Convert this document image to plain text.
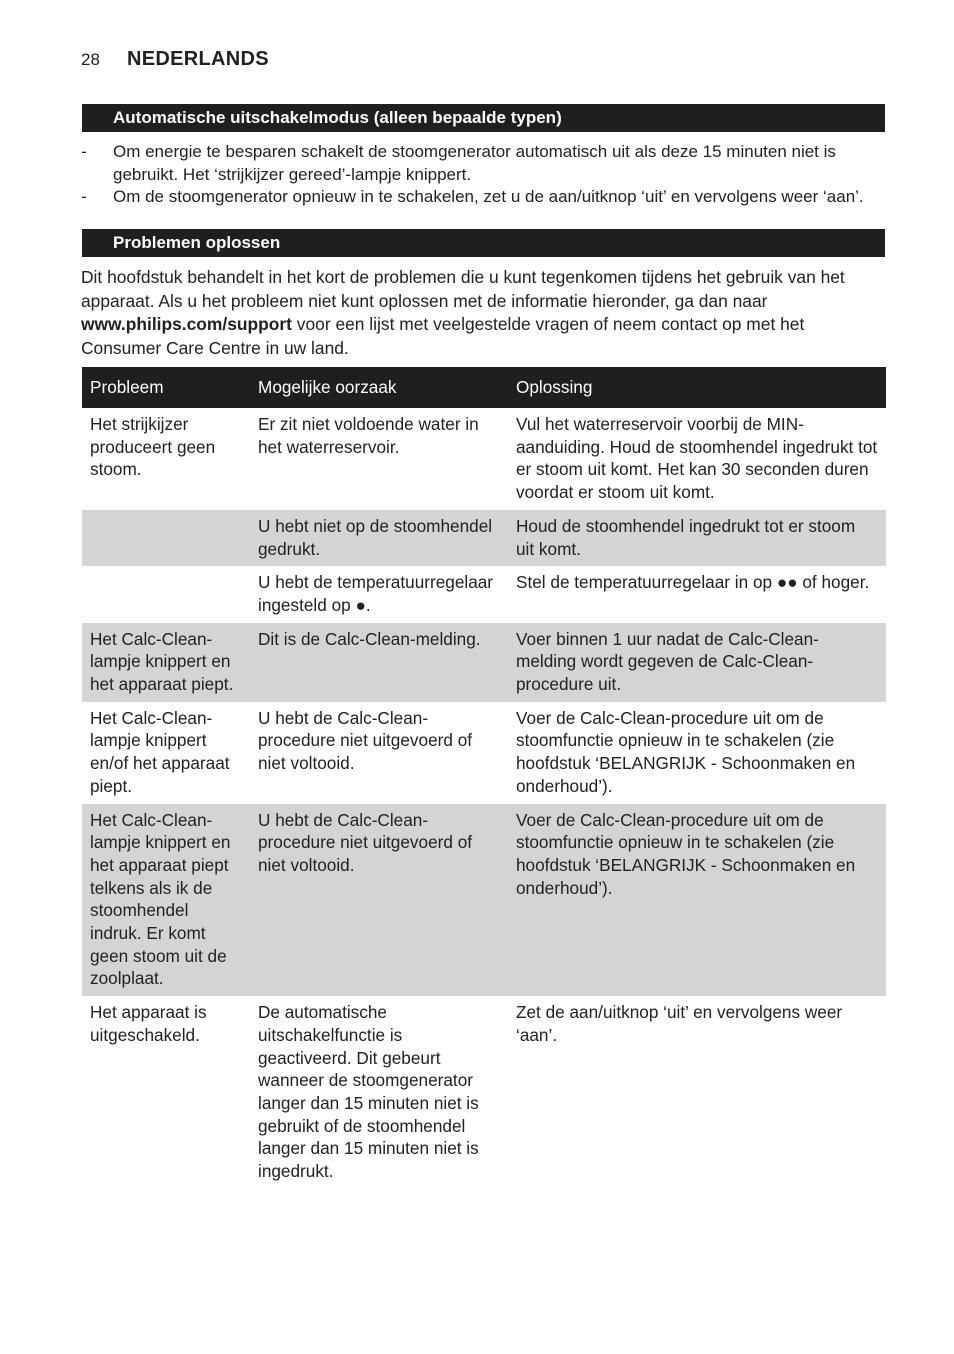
28	NEDERLANDS
Automatische uitschakelmodus (alleen bepaalde typen)
-	Om energie te besparen schakelt de stoomgenerator automatisch uit als deze 15 minuten niet is gebruikt. Het ‘strijkijzer gereed’-lampje knippert.
-	Om de stoomgenerator opnieuw in te schakelen, zet u de aan/uitknop ‘uit’ en vervolgens weer ‘aan’.
Problemen oplossen
Dit hoofdstuk behandelt in het kort de problemen die u kunt tegenkomen tijdens het gebruik van het apparaat. Als u het probleem niet kunt oplossen met de informatie hieronder, ga dan naar www.philips.com/support voor een lijst met veelgestelde vragen of neem contact op met het Consumer Care Centre in uw land.
Probleem	Mogelijke oorzaak	Oplossing
Het strijkijzer produceert geen stoom.	Er zit niet voldoende water in het waterreservoir.	Vul het waterreservoir voorbij de MIN-aanduiding. Houd de stoomhendel ingedrukt tot er stoom uit komt. Het kan 30 seconden duren voordat er stoom uit komt.
	U hebt niet op de stoomhendel gedrukt.	Houd de stoomhendel ingedrukt tot er stoom uit komt.
	U hebt de temperatuurregelaar ingesteld op ●.	Stel de temperatuurregelaar in op ●● of hoger.
Het Calc-Clean-lampje knippert en het apparaat piept.	Dit is de Calc-Clean-melding.	Voer binnen 1 uur nadat de Calc-Clean-melding wordt gegeven de Calc-Clean-procedure uit.
Het Calc-Clean-lampje knippert en/of het apparaat piept.	U hebt de Calc-Clean-procedure niet uitgevoerd of niet voltooid.	Voer de Calc-Clean-procedure uit om de stoomfunctie opnieuw in te schakelen (zie hoofdstuk ‘BELANGRIJK - Schoonmaken en onderhoud’).
Het Calc-Clean-lampje knippert en het apparaat piept telkens als ik de stoomhendel indruk. Er komt geen stoom uit de zoolplaat.	U hebt de Calc-Clean-procedure niet uitgevoerd of niet voltooid.	Voer de Calc-Clean-procedure uit om de stoomfunctie opnieuw in te schakelen (zie hoofdstuk ‘BELANGRIJK - Schoonmaken en onderhoud’).
Het apparaat is uitgeschakeld.	De automatische uitschakelfunctie is geactiveerd. Dit gebeurt wanneer de stoomgenerator langer dan 15 minuten niet is gebruikt of de stoomhendel langer dan 15 minuten niet is ingedrukt.	Zet de aan/uitknop ‘uit’ en vervolgens weer ‘aan’.
